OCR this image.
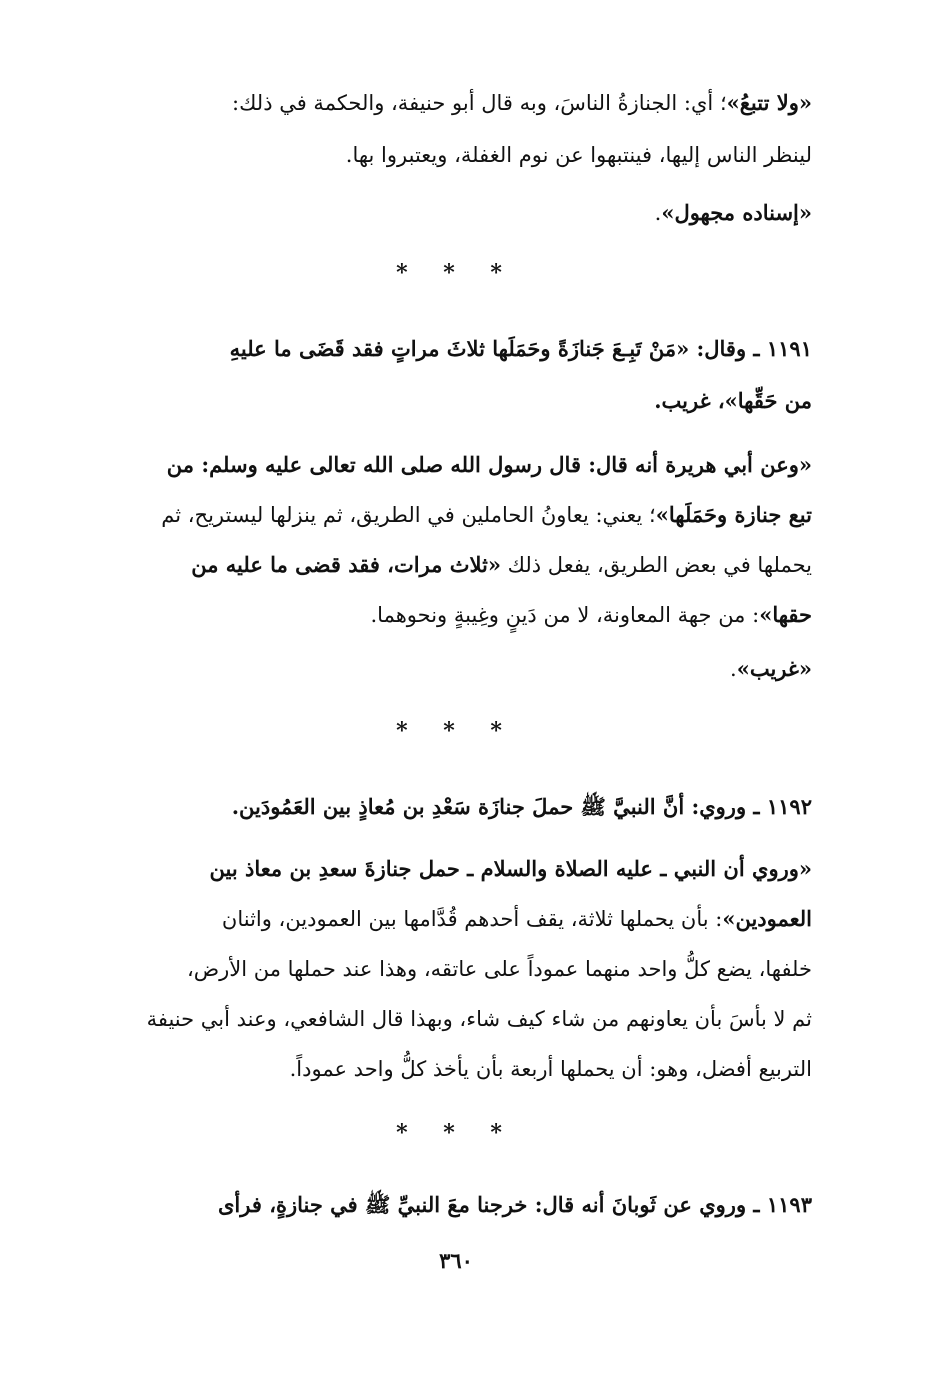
«ولا تتبعُ»؛ أي: الجنازةُ الناسَ، وبه قال أبو حنيفة، والحكمة في ذلك:
لينظر الناس إليها، فينتبهوا عن نوم الغفلة، ويعتبروا بها.
«إسناده مجهول».
* * *
١١٩١ ـ وقال: «مَنْ تَبِـعَ جَنازَةً وحَمَلَها ثلاثَ مراتٍ فقد قَضَى ما عليهِ
من حَقِّها»، غريب.
«وعن أبي هريرة أنه قال: قال رسول الله صلى الله تعالى عليه وسلم: من
تبع جنازة وحَمَلَها»؛ يعني: يعاونُ الحاملين في الطريق، ثم ينزلها ليستريح، ثم
يحملها في بعض الطريق، يفعل ذلك «ثلاث مرات، فقد قضى ما عليه من
حقها»: من جهة المعاونة، لا من دَينٍ وغِيبةٍ ونحوهما.
«غريب».
* * *
١١٩٢ ـ وروي: أنَّ النبيَّ ﷺ حملَ جنازَة سَعْدِ بن مُعاذٍ بين العَمُودَين.
«وروي أن النبي ـ عليه الصلاة والسلام ـ حمل جنازةَ سعدِ بن معاذ بين
العمودين»: بأن يحملها ثلاثة، يقف أحدهم قُدَّامها بين العمودين، واثنان
خلفها، يضع كلُّ واحد منهما عموداً على عاتقه، وهذا عند حملها من الأرض،
ثم لا بأسَ بأن يعاونهم من شاء كيف شاء، وبهذا قال الشافعي، وعند أبي حنيفة
التربيع أفضل، وهو: أن يحملها أربعة بأن يأخذ كلُّ واحد عموداً.
* * *
١١٩٣ ـ وروي عن ثَوبانَ أنه قال: خرجنا معَ النبيِّ ﷺ في جنازةٍ، فرأى
٣٦٠
